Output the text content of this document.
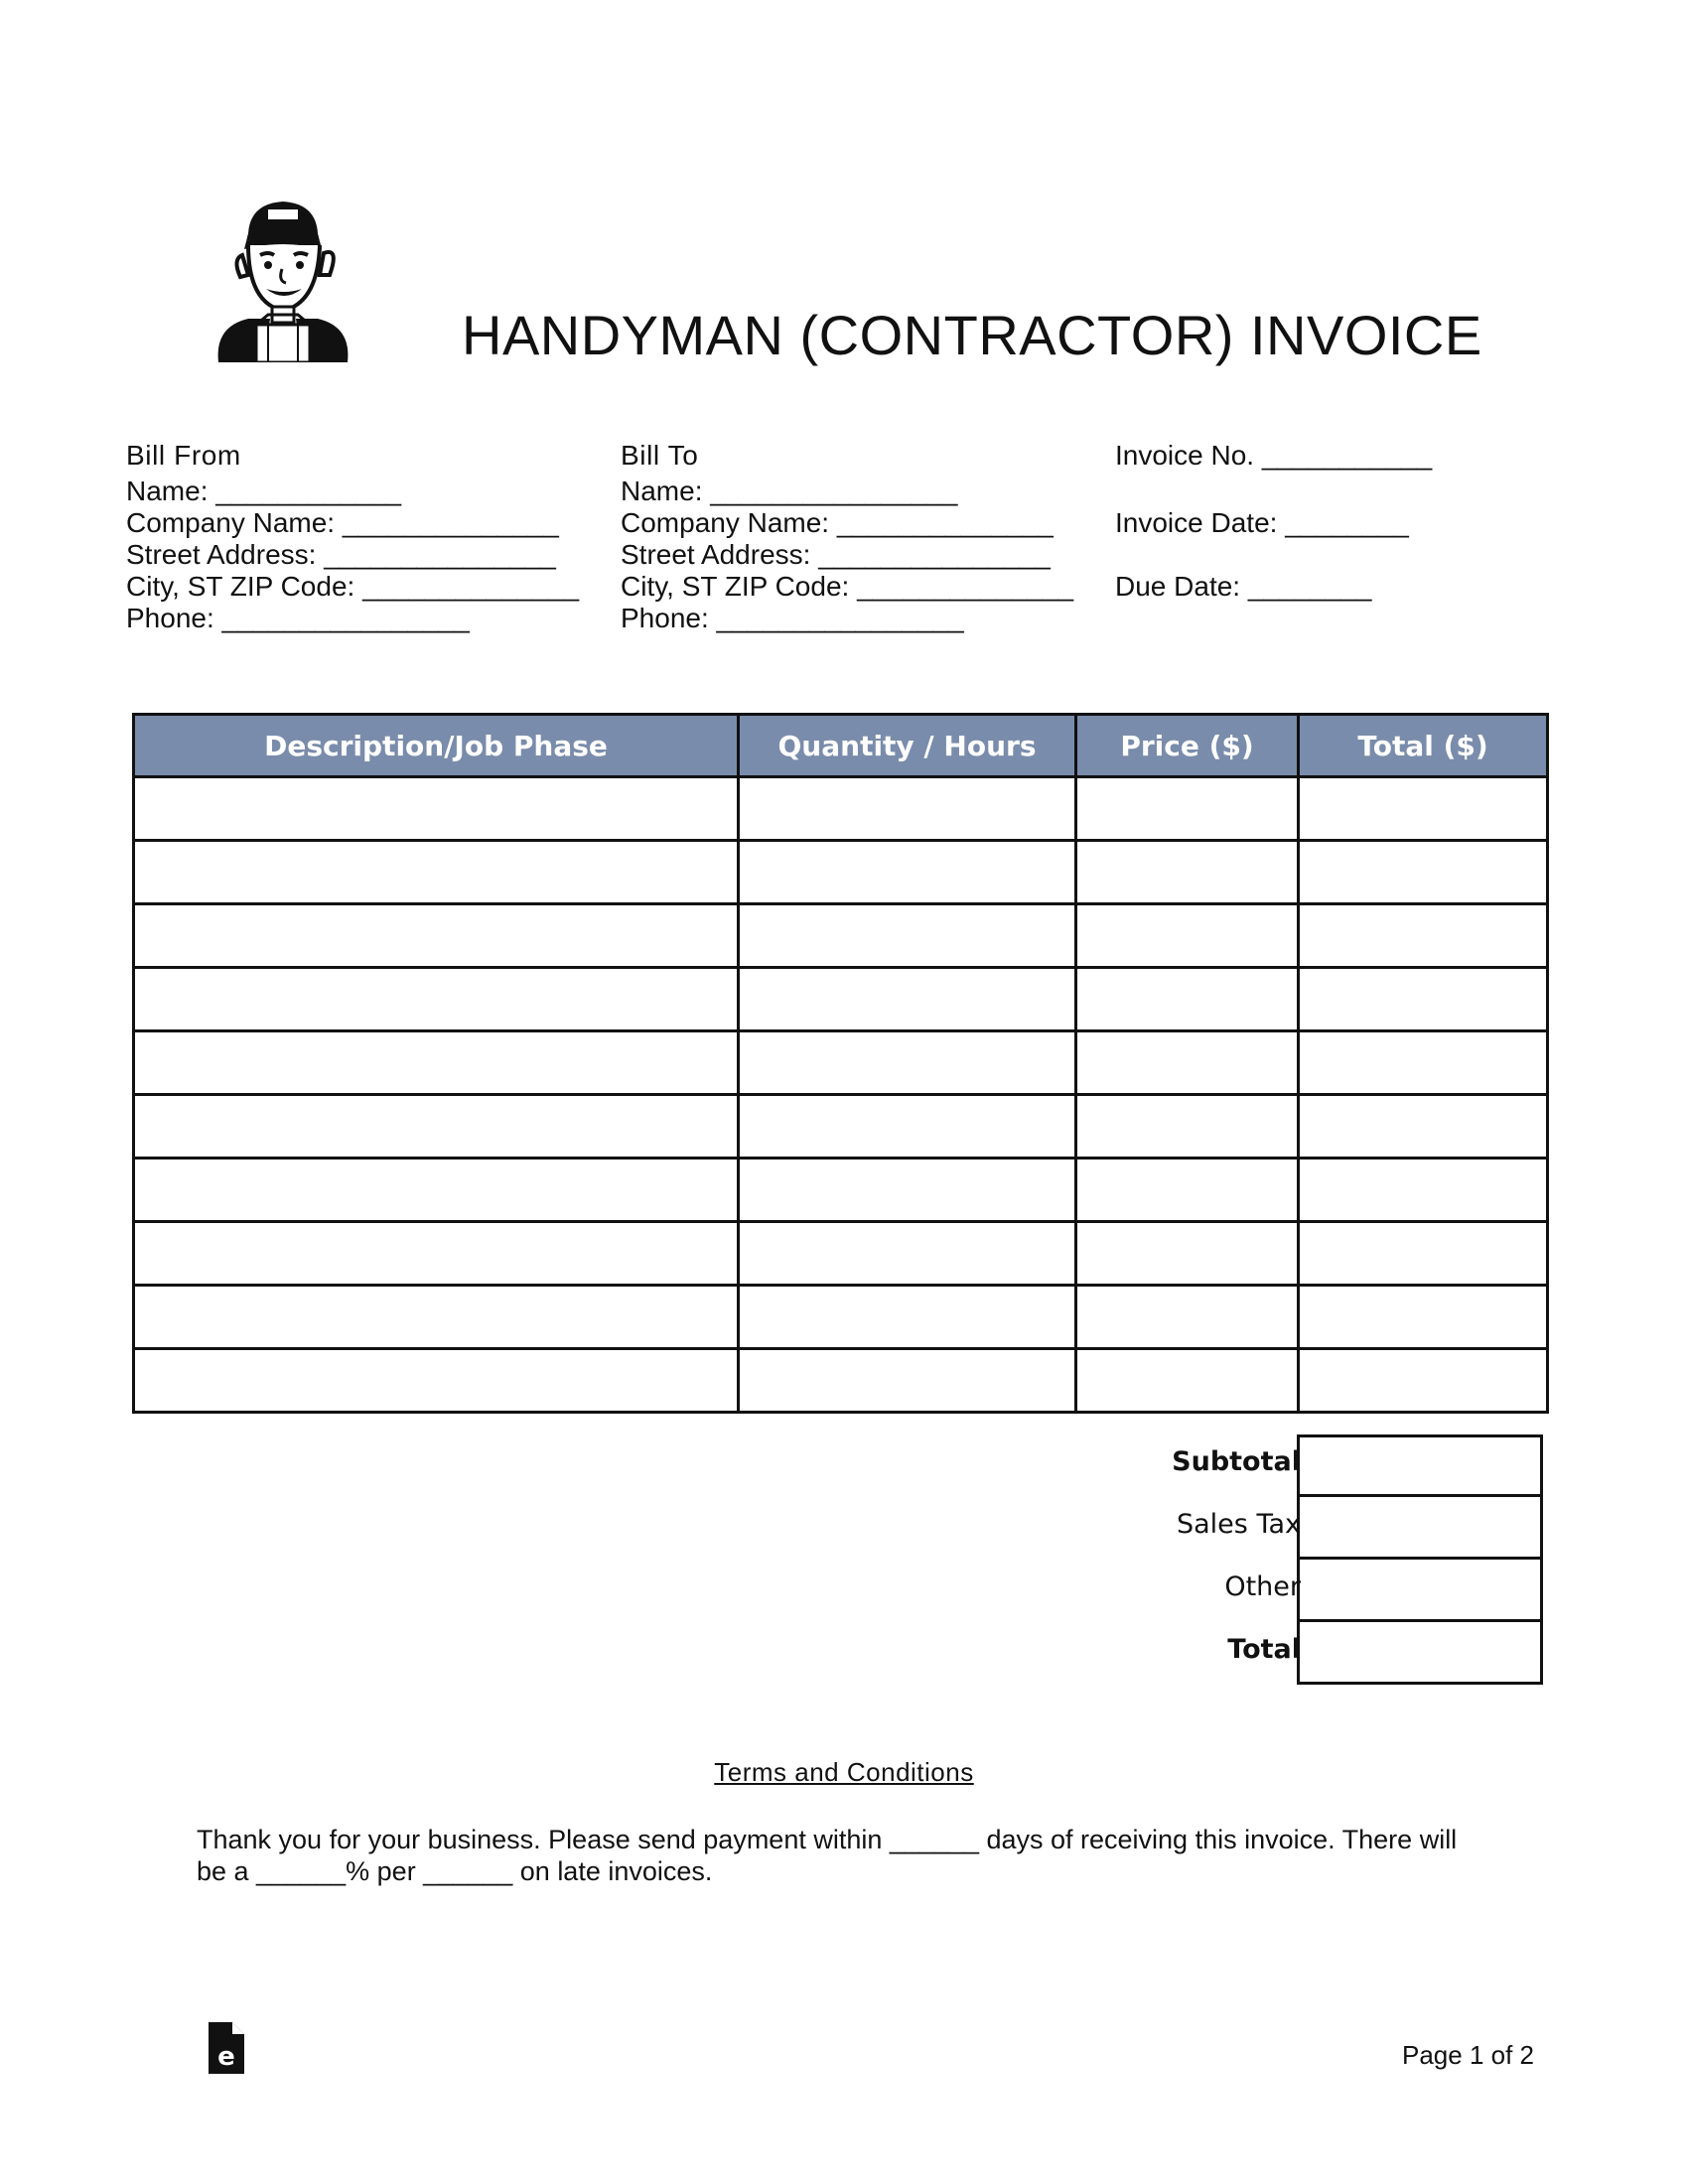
HANDYMAN (CONTRACTOR) INVOICE
Bill From
Name: ____________
Company Name: ______________
Street Address: _______________
City, ST ZIP Code: ______________
Phone: ________________
Bill To
Name: ________________
Company Name: ______________
Street Address: _______________
City, ST ZIP Code: ______________
Phone: ________________
Invoice No. ___________
Invoice Date: ________
Due Date: ________
Description/Job Phase	Quantity / Hours	Price ($)	Total ($)

Subtotal
Sales Tax
Other
Total
Terms and Conditions
Thank you for your business. Please send payment within ______ days of receiving this invoice. There will be a ______% per ______ on late invoices.
e	Page 1 of 2
